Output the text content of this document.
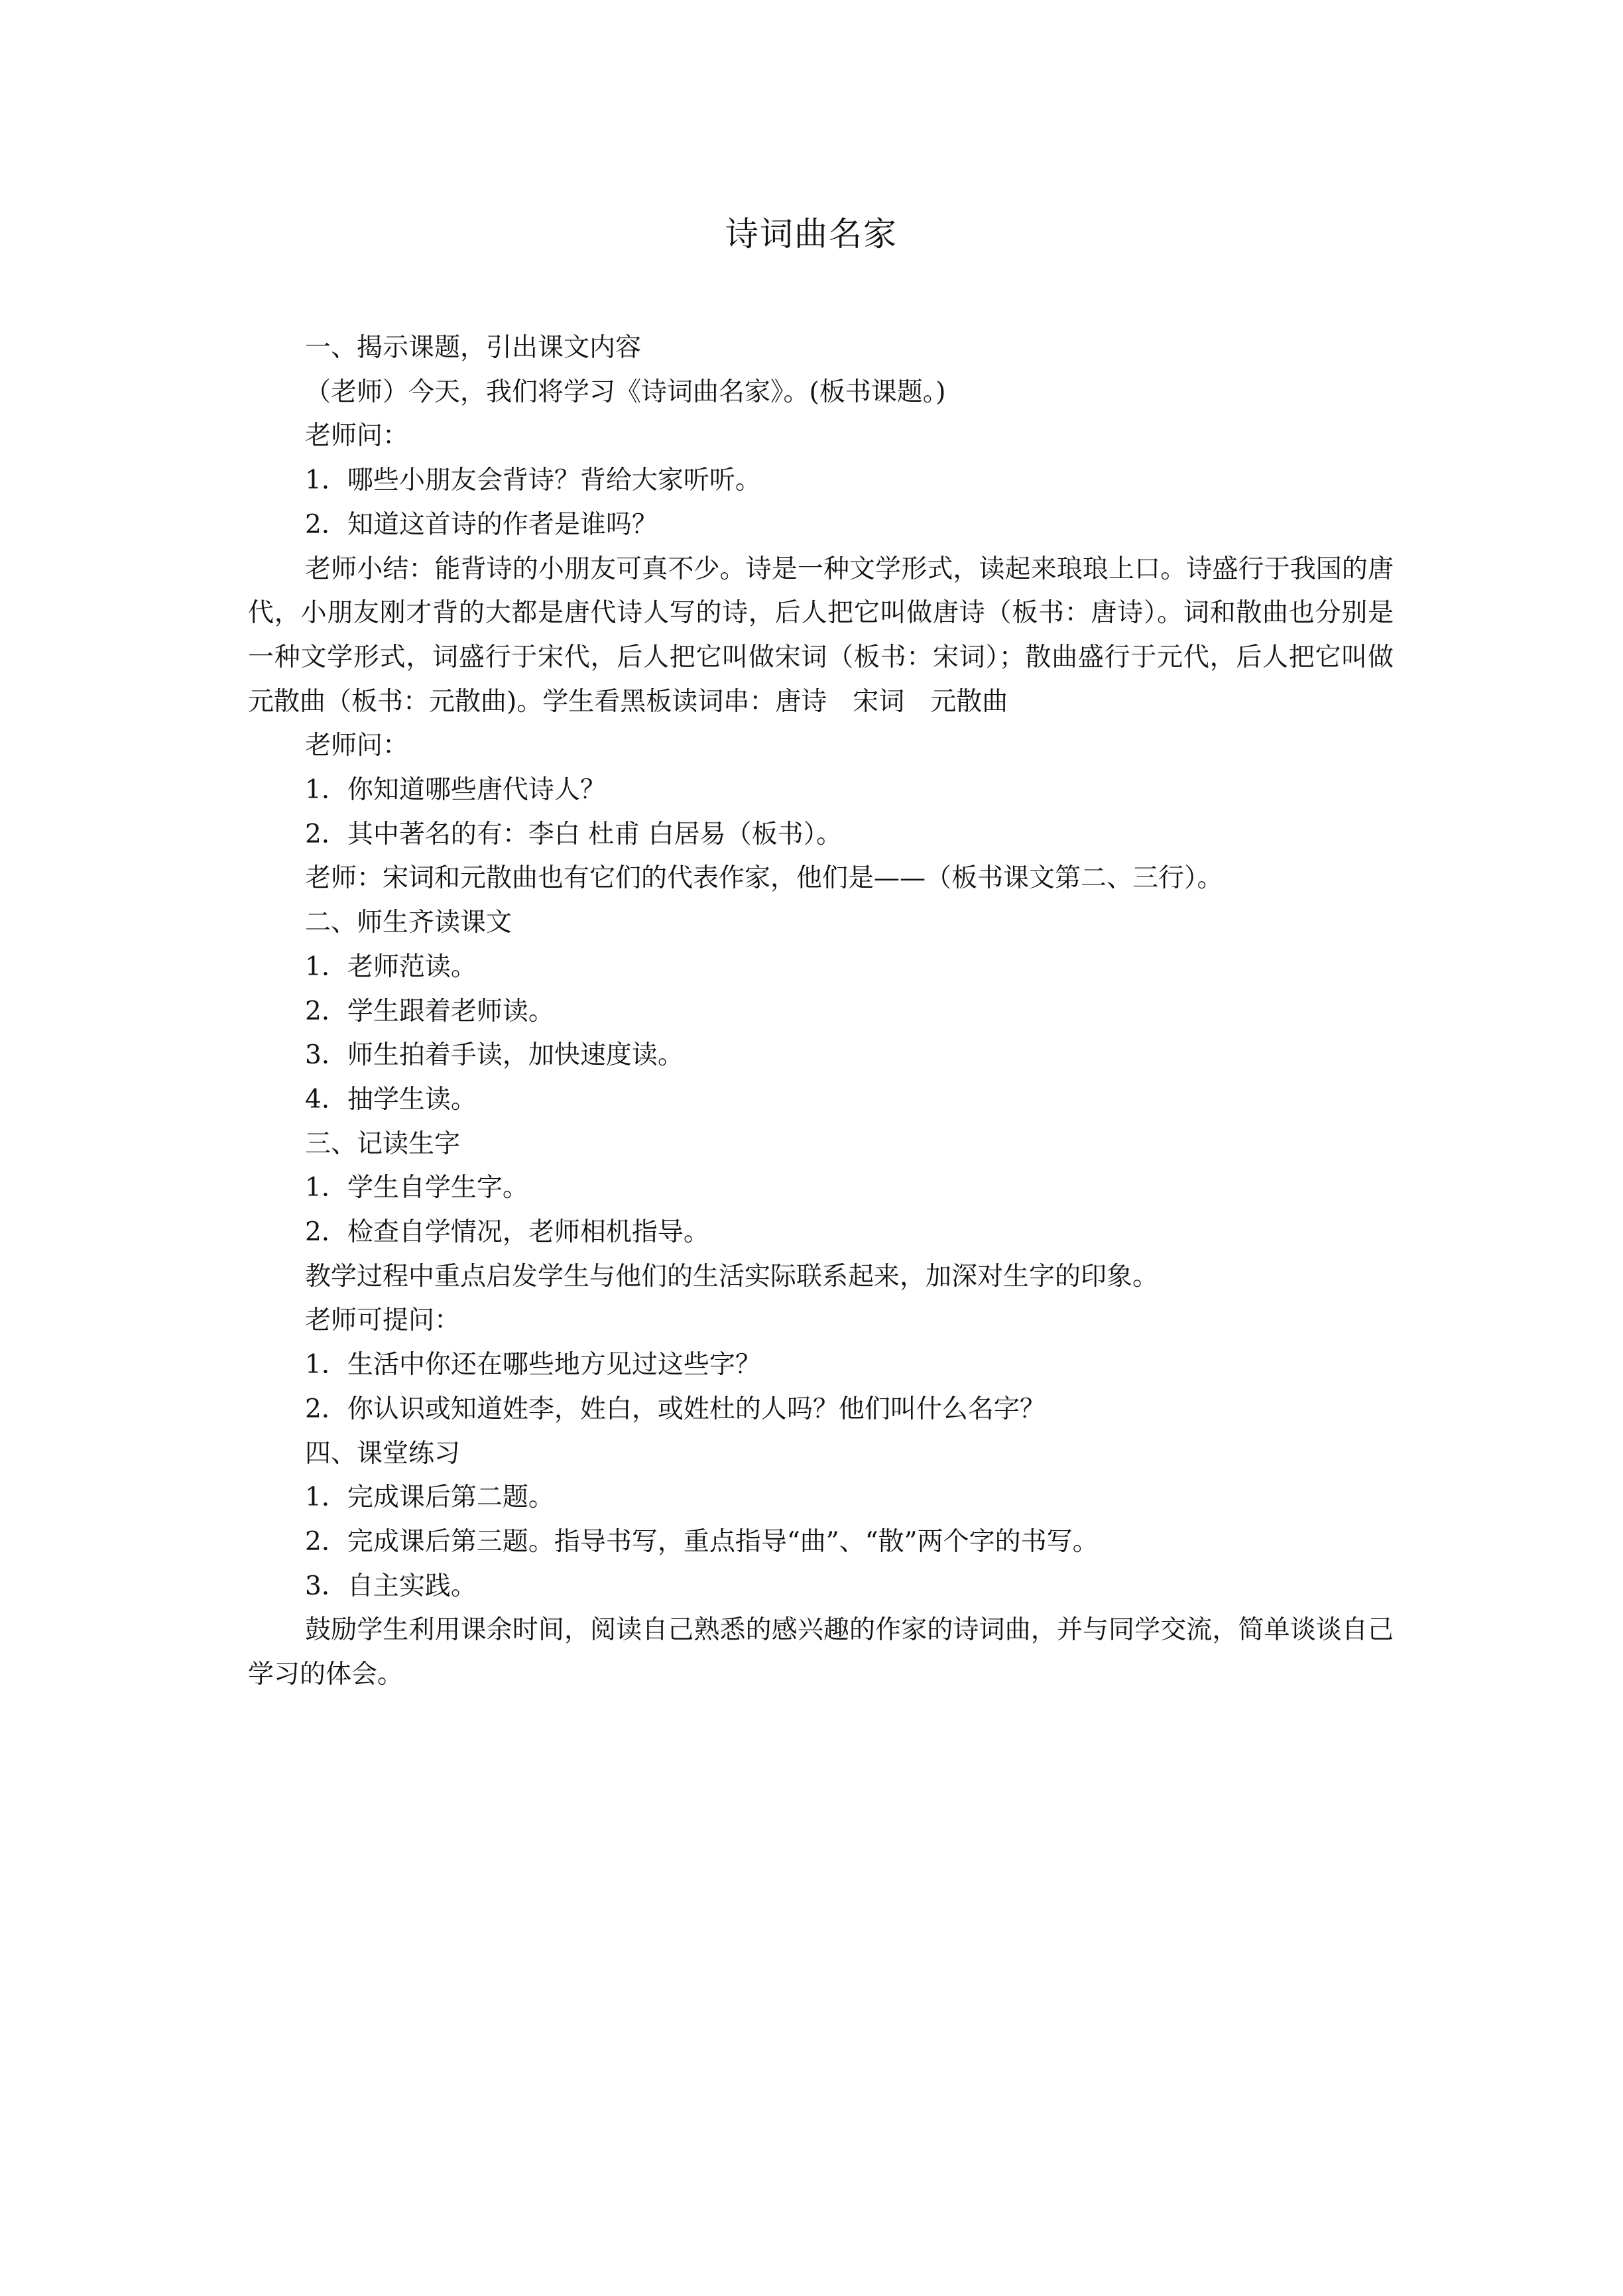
诗词曲名家

一、揭示课题，引出课文内容

（老师）今天，我们将学习《诗词曲名家》。(板书课题。)

老师问：

1．哪些小朋友会背诗？背给大家听听。

2．知道这首诗的作者是谁吗？

老师小结：能背诗的小朋友可真不少。诗是一种文学形式，读起来琅琅上口。诗盛行于我国的唐代，小朋友刚才背的大都是唐代诗人写的诗，后人把它叫做唐诗（板书：唐诗）。词和散曲也分别是一种文学形式，词盛行于宋代，后人把它叫做宋词（板书：宋词）；散曲盛行于元代，后人把它叫做元散曲（板书：元散曲)。学生看黑板读词串：唐诗　宋词　元散曲

老师问：

1．你知道哪些唐代诗人？

2．其中著名的有：李白 杜甫 白居易（板书）。

老师：宋词和元散曲也有它们的代表作家，他们是——（板书课文第二、三行）。

二、师生齐读课文

1．老师范读。

2．学生跟着老师读。

3．师生拍着手读，加快速度读。

4．抽学生读。

三、记读生字

1．学生自学生字。

2．检查自学情况，老师相机指导。

教学过程中重点启发学生与他们的生活实际联系起来，加深对生字的印象。

老师可提问：

1．生活中你还在哪些地方见过这些字？

2．你认识或知道姓李，姓白，或姓杜的人吗？他们叫什么名字？

四、课堂练习

1．完成课后第二题。

2．完成课后第三题。指导书写，重点指导“曲”、“散”两个字的书写。

3．自主实践。

鼓励学生利用课余时间，阅读自己熟悉的感兴趣的作家的诗词曲，并与同学交流，简单谈谈自己学习的体会。
